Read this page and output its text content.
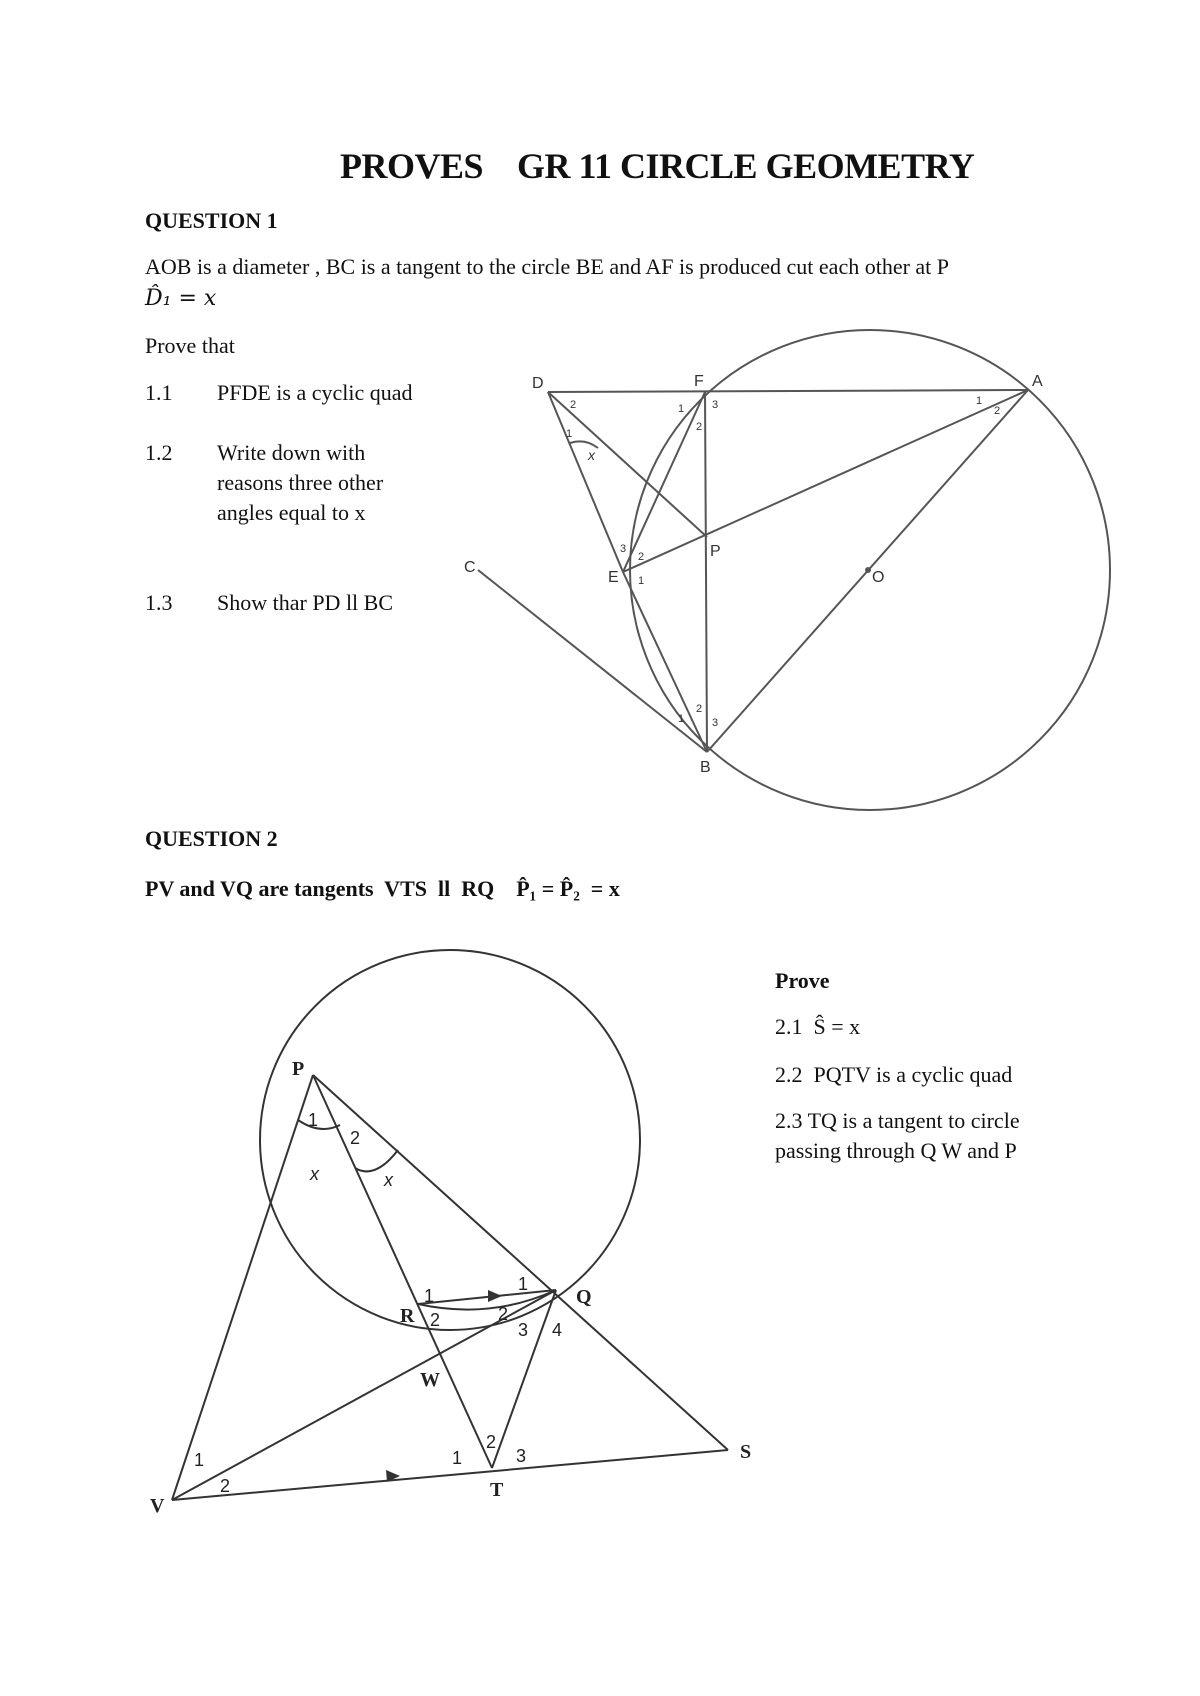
PROVES    GR 11 CIRCLE GEOMETRY
QUESTION 1
AOB is a diameter , BC is a tangent to the circle BE and AF is produced cut each other at P
D̂₁ = x
Prove that
1.1 PFDE is a cyclic quad
1.2 Write down with
reasons three other
angles equal to x
1.3 Show thar PD ll BC
D	F	A
C
E
P
O
B
2
1
x
1
2
3	1
2
3
2
1
1
2
3
QUESTION 2
PV and VQ are tangents  VTS  ll  RQ    P̂₁ = P̂₂  = x
Prove
2.1  Ŝ = x
2.2  PQTV is a cyclic quad
2.3 TQ is a tangent to circle
passing through Q W and P
P
R
Q
W
V
T
S
1
2
x	x
1
2
1
2
3 4
1
2
3
1
2
